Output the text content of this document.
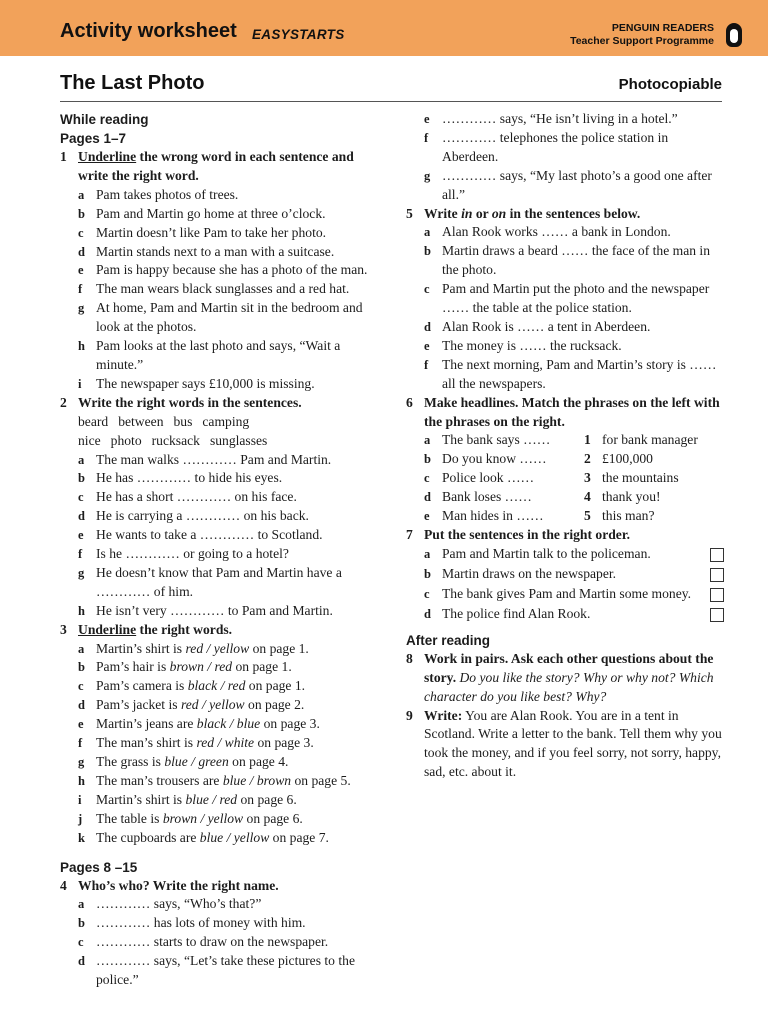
Activity worksheet EASYSTARTS	PENGUIN READERS
Teacher Support Programme
The Last Photo	Photocopiable
While reading
Pages 1–7
1 Underline the wrong word in each sentence and write the right word.
a Pam takes photos of trees.
b Pam and Martin go home at three o’clock.
c Martin doesn’t like Pam to take her photo.
d Martin stands next to a man with a suitcase.
e Pam is happy because she has a photo of the man.
f	The man wears black sunglasses and a red hat.
g At home, Pam and Martin sit in the bedroom and look at the photos.
h Pam looks at the last photo and says, “Wait a minute.”
i	The newspaper says £10,000 is missing.
2 Write the right words in the sentences.
beard between bus camping
nice photo rucksack sunglasses
a The man walks ………… Pam and Martin.
b He has ………… to hide his eyes.
c He has a short ………… on his face.
d He is carrying a ………… on his back.
e He wants to take a ………… to Scotland.
f	Is he ………… or going to a hotel?
g He doesn’t know that Pam and Martin have a ………… of him.
h He isn’t very ………… to Pam and Martin.
3 Underline the right words.
a Martin’s shirt is red / yellow on page 1.
b Pam’s hair is brown / red on page 1.
c Pam’s camera is black / red on page 1.
d Pam’s jacket is red / yellow on page 2.
e Martin’s jeans are black / blue on page 3.
f	The man’s shirt is red / white on page 3.
g The grass is blue / green on page 4.
h The man’s trousers are blue / brown on page 5.
i	Martin’s shirt is blue / red on page 6.
j	The table is brown / yellow on page 6.
k The cupboards are blue / yellow on page 7.
Pages 8 –15
4 Who’s who? Write the right name.
a ………… says, “Who’s that?”
b ………… has lots of money with him.
c ………… starts to draw on the newspaper.
d ………… says, “Let’s take these pictures to the police.”
e ………… says, “He isn’t living in a hotel.”
f	………… telephones the police station in Aberdeen.
g ………… says, “My last photo’s a good one after all.”
5 Write in or on in the sentences below.
a Alan Rook works …… a bank in London.
b Martin draws a beard …… the face of the man in the photo.
c Pam and Martin put the photo and the newspaper …… the table at the police station.
d Alan Rook is …… a tent in Aberdeen.
e The money is …… the rucksack.
f	The next morning, Pam and Martin’s story is …… all the newspapers.
6 Make headlines. Match the phrases on the left with the phrases on the right.
a The bank says ……	1 for bank manager
b Do you know ……	2 £100,000
c Police look ……	3 the mountains
d Bank loses ……	4 thank you!
e Man hides in ……	5 this man?
7 Put the sentences in the right order.
a Pam and Martin talk to the policeman.
b Martin draws on the newspaper.
c The bank gives Pam and Martin some money.
d The police find Alan Rook.
After reading
8 Work in pairs. Ask each other questions about the story. Do you like the story? Why or why not? Which character do you like best? Why?
9 Write: You are Alan Rook. You are in a tent in Scotland. Write a letter to the bank. Tell them why you took the money, and if you feel sorry, not sorry, happy, sad, etc. about it.
